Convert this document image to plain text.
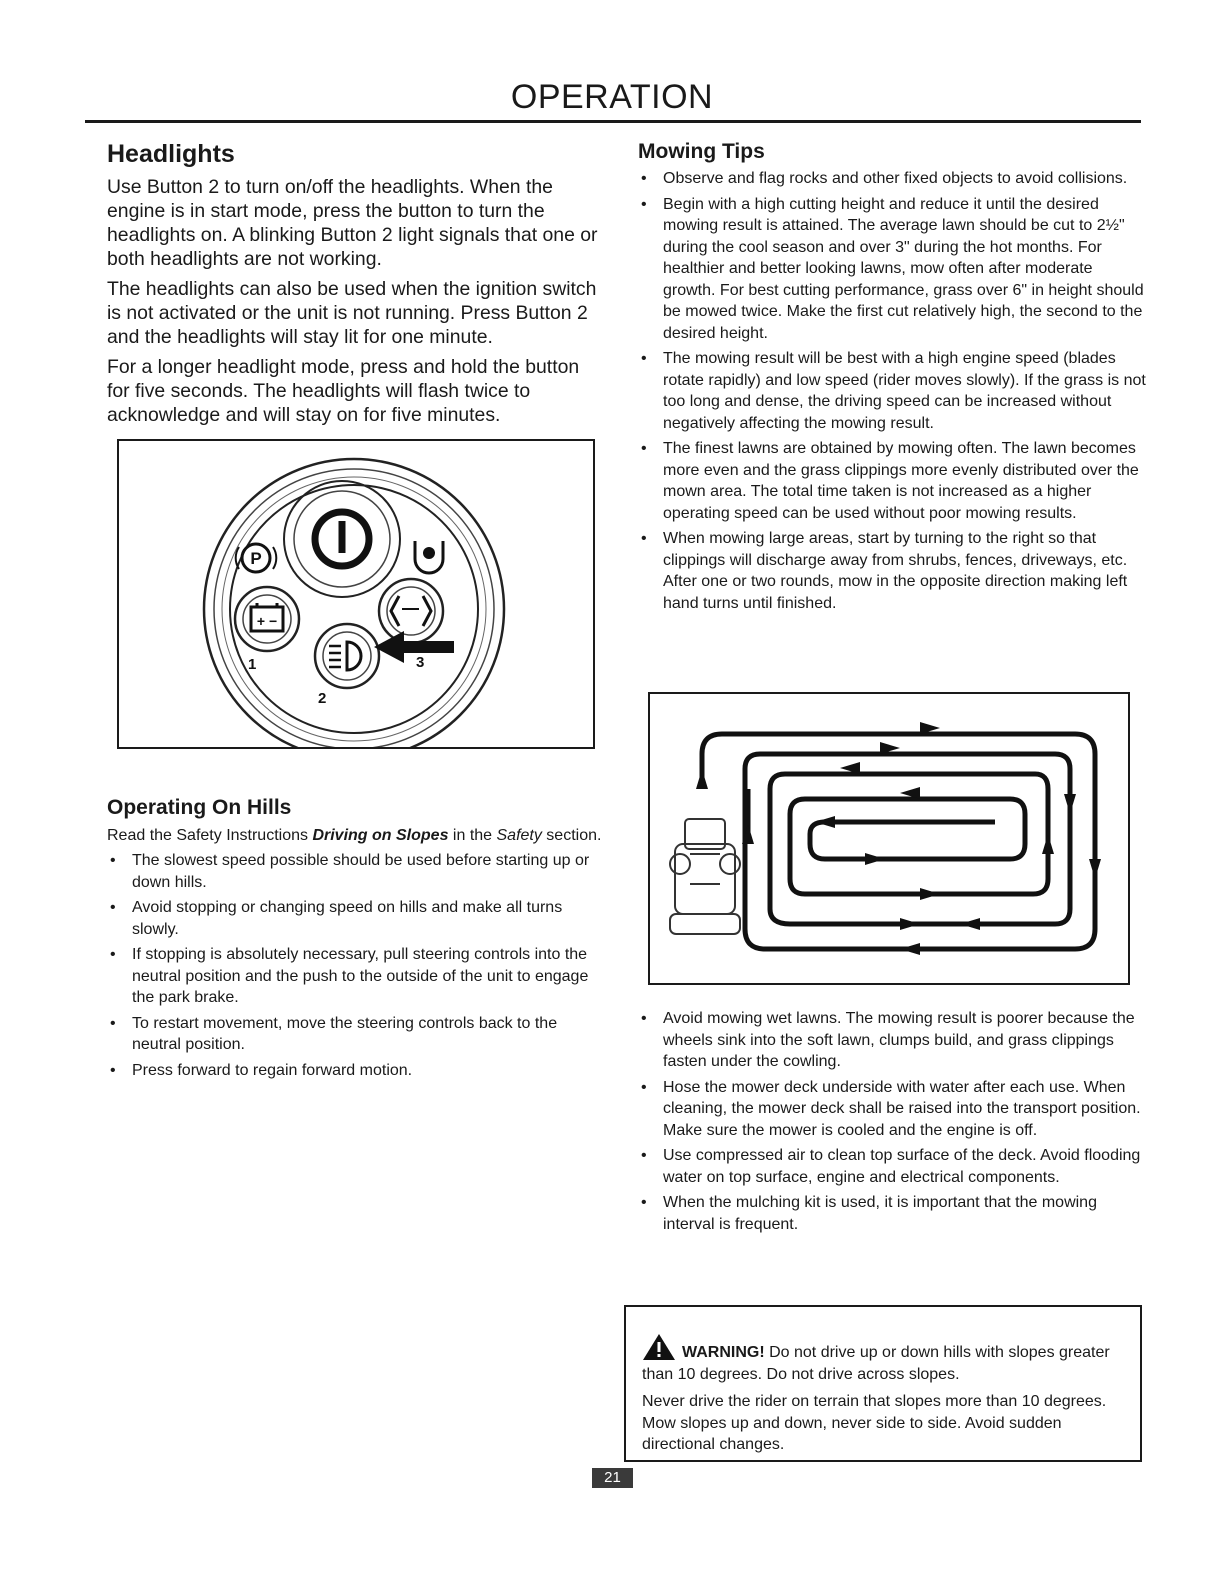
OPERATION
Headlights

Use Button 2 to turn on/off the headlights. When the engine is in start mode, press the button to turn the headlights on. A blinking Button 2 light signals that one or both headlights are not working.

The headlights can also be used when the ignition switch is not activated or the unit is not running. Press Button 2 and the headlights will stay lit for one minute.

For a longer headlight mode, press and hold the button for five seconds. The headlights will flash twice to acknowledge and will stay on for five minutes.

P
+ −
1
2
3
Operating On Hills

Read the Safety Instructions Driving on Slopes in the Safety section.

• The slowest speed possible should be used before starting up or down hills.
• Avoid stopping or changing speed on hills and make all turns slowly.
• If stopping is absolutely necessary, pull steering controls into the neutral position and the push to the outside of the unit to engage the park brake.
• To restart movement, move the steering controls back to the neutral position.
• Press forward to regain forward motion.
Mowing Tips
• Observe and flag rocks and other fixed objects to avoid collisions.
• Begin with a high cutting height and reduce it until the desired mowing result is attained. The average lawn should be cut to 2½" during the cool season and over 3" during the hot months. For healthier and better looking lawns, mow often after moderate growth. For best cutting performance, grass over 6" in height should be mowed twice. Make the first cut relatively high, the second to the desired height.
• The mowing result will be best with a high engine speed (blades rotate rapidly) and low speed (rider moves slowly). If the grass is not too long and dense, the driving speed can be increased without negatively affecting the mowing result.
• The finest lawns are obtained by mowing often. The lawn becomes more even and the grass clippings more evenly distributed over the mown area. The total time taken is not increased as a higher operating speed can be used without poor mowing results.
• When mowing large areas, start by turning to the right so that clippings will discharge away from shrubs, fences, driveways, etc. After one or two rounds, mow in the opposite direction making left hand turns until finished.
• Avoid mowing wet lawns. The mowing result is poorer because the wheels sink into the soft lawn, clumps build, and grass clippings fasten under the cowling.
• Hose the mower deck underside with water after each use. When cleaning, the mower deck shall be raised into the transport position. Make sure the mower is cooled and the engine is off.
• Use compressed air to clean top surface of the deck. Avoid flooding water on top surface, engine and electrical components.
• When the mulching kit is used, it is important that the mowing interval is frequent.

WARNING! Do not drive up or down hills with slopes greater than 10 degrees. Do not drive across slopes.

Never drive the rider on terrain that slopes more than 10 degrees. Mow slopes up and down, never side to side. Avoid sudden directional changes.

21
